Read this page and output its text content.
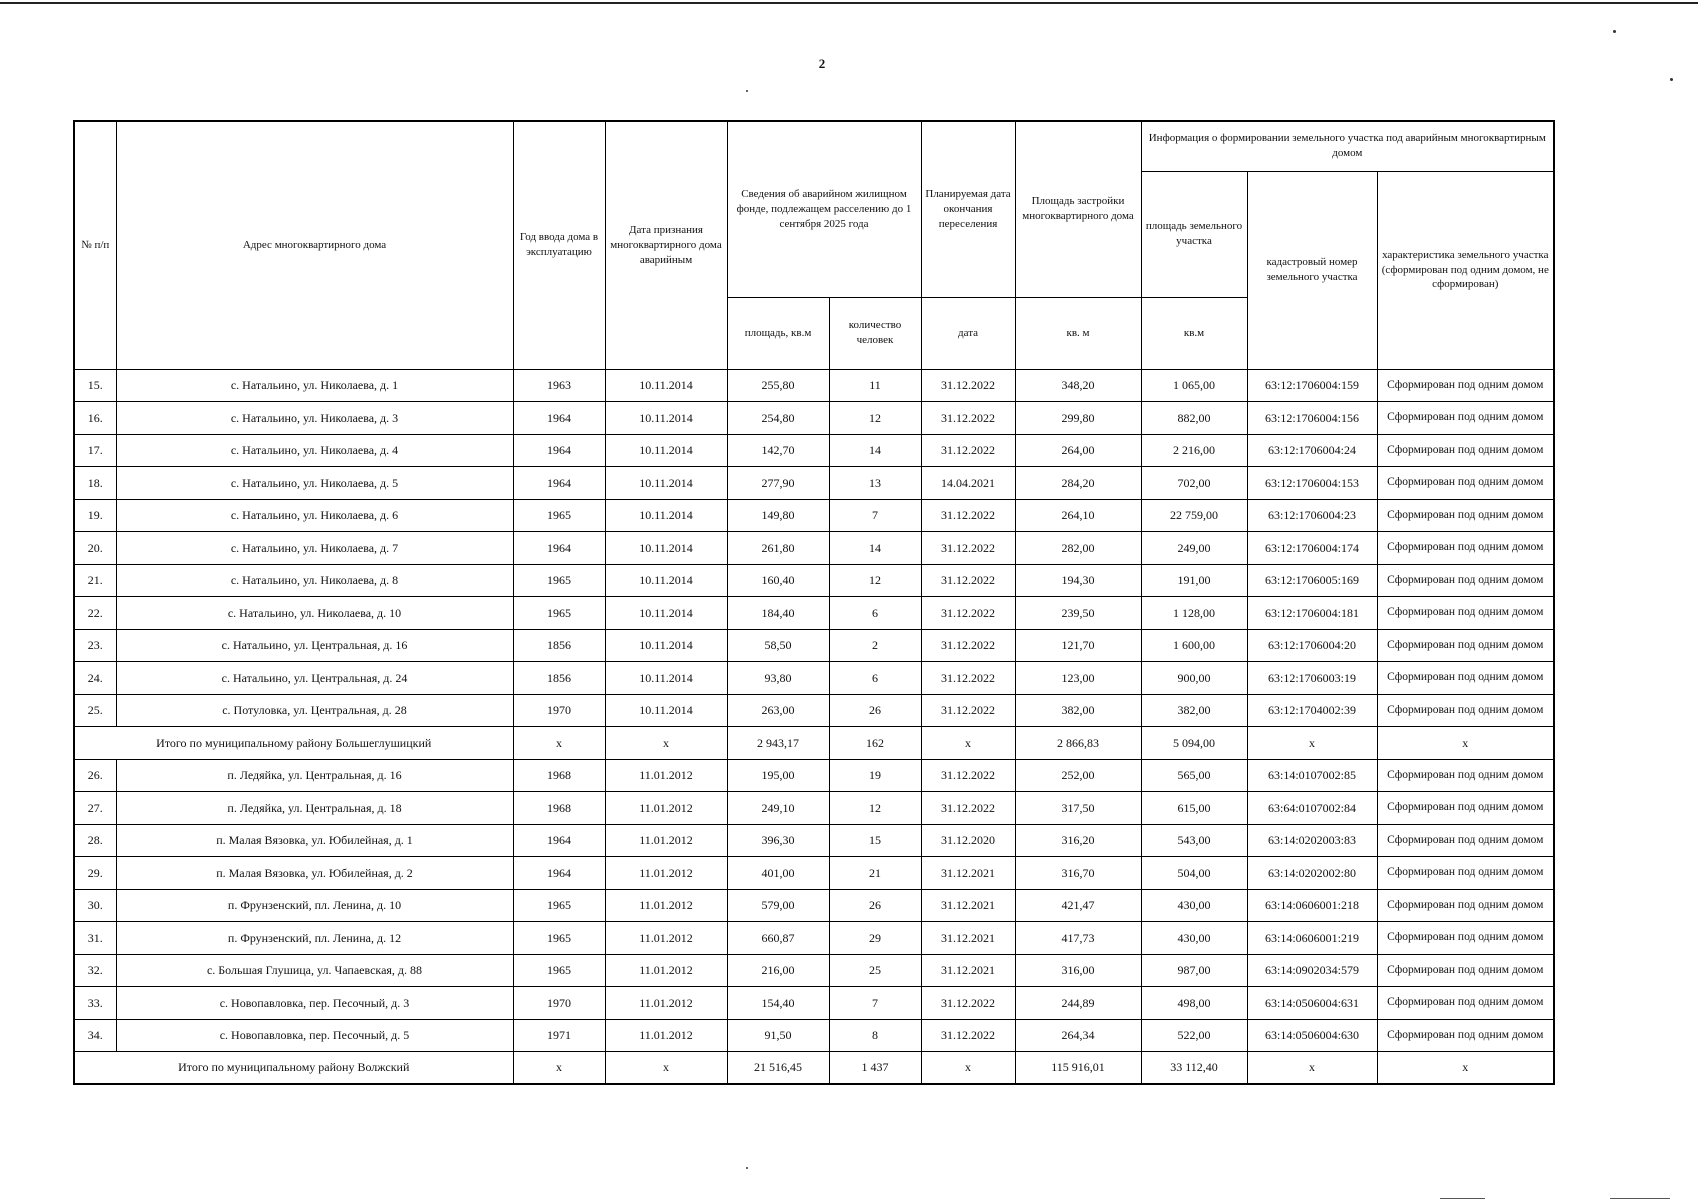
2
№ п/п	Адрес многоквартирного дома	Год ввода дома в эксплуатацию	Дата признания многоквартирного дома аварийным	Сведения об аварийном жилищном фонде, подлежащем расселению до 1 сентября 2025 года		Планируемая дата окончания переселения	Площадь застройки многоквартирного дома	Информация о формировании земельного участка под аварийным многоквартирным домом		
								площадь земельного участка	кадастровый номер земельного участка	характеристика земельного участка (сформирован под одним домом, не сформирован)
				площадь, кв.м	количество человек	дата	кв. м	кв.м		
15.	с. Натальино, ул. Николаева, д. 1	1963	10.11.2014	255,80	11	31.12.2022	348,20	1 065,00	63:12:1706004:159	Сформирован под одним домом
16.	с. Натальино, ул. Николаева, д. 3	1964	10.11.2014	254,80	12	31.12.2022	299,80	882,00	63:12:1706004:156	Сформирован под одним домом
17.	с. Натальино, ул. Николаева, д. 4	1964	10.11.2014	142,70	14	31.12.2022	264,00	2 216,00	63:12:1706004:24	Сформирован под одним домом
18.	с. Натальино, ул. Николаева, д. 5	1964	10.11.2014	277,90	13	14.04.2021	284,20	702,00	63:12:1706004:153	Сформирован под одним домом
19.	с. Натальино, ул. Николаева, д. 6	1965	10.11.2014	149,80	7	31.12.2022	264,10	22 759,00	63:12:1706004:23	Сформирован под одним домом
20.	с. Натальино, ул. Николаева, д. 7	1964	10.11.2014	261,80	14	31.12.2022	282,00	249,00	63:12:1706004:174	Сформирован под одним домом
21.	с. Натальино, ул. Николаева, д. 8	1965	10.11.2014	160,40	12	31.12.2022	194,30	191,00	63:12:1706005:169	Сформирован под одним домом
22.	с. Натальино, ул. Николаева, д. 10	1965	10.11.2014	184,40	6	31.12.2022	239,50	1 128,00	63:12:1706004:181	Сформирован под одним домом
23.	с. Натальино, ул. Центральная, д. 16	1856	10.11.2014	58,50	2	31.12.2022	121,70	1 600,00	63:12:1706004:20	Сформирован под одним домом
24.	с. Натальино, ул. Центральная, д. 24	1856	10.11.2014	93,80	6	31.12.2022	123,00	900,00	63:12:1706003:19	Сформирован под одним домом
25.	с. Потуловка, ул. Центральная, д. 28	1970	10.11.2014	263,00	26	31.12.2022	382,00	382,00	63:12:1704002:39	Сформирован под одним домом
Итого по муниципальному району Большеглушицкий		x	x	2 943,17	162	x	2 866,83	5 094,00	x	x
26.	п. Ледяйка, ул. Центральная, д. 16	1968	11.01.2012	195,00	19	31.12.2022	252,00	565,00	63:14:0107002:85	Сформирован под одним домом
27.	п. Ледяйка, ул. Центральная, д. 18	1968	11.01.2012	249,10	12	31.12.2022	317,50	615,00	63:64:0107002:84	Сформирован под одним домом
28.	п. Малая Вязовка, ул. Юбилейная, д. 1	1964	11.01.2012	396,30	15	31.12.2020	316,20	543,00	63:14:0202003:83	Сформирован под одним домом
29.	п. Малая Вязовка, ул. Юбилейная, д. 2	1964	11.01.2012	401,00	21	31.12.2021	316,70	504,00	63:14:0202002:80	Сформирован под одним домом
30.	п. Фрунзенский, пл. Ленина, д. 10	1965	11.01.2012	579,00	26	31.12.2021	421,47	430,00	63:14:0606001:218	Сформирован под одним домом
31.	п. Фрунзенский, пл. Ленина, д. 12	1965	11.01.2012	660,87	29	31.12.2021	417,73	430,00	63:14:0606001:219	Сформирован под одним домом
32.	с. Большая Глушица, ул. Чапаевская, д. 88	1965	11.01.2012	216,00	25	31.12.2021	316,00	987,00	63:14:0902034:579	Сформирован под одним домом
33.	с. Новопавловка, пер. Песочный, д. 3	1970	11.01.2012	154,40	7	31.12.2022	244,89	498,00	63:14:0506004:631	Сформирован под одним домом
34.	с. Новопавловка, пер. Песочный, д. 5	1971	11.01.2012	91,50	8	31.12.2022	264,34	522,00	63:14:0506004:630	Сформирован под одним домом
Итого по муниципальному району Волжский		x	x	21 516,45	1 437	x	115 916,01	33 112,40	x	x
